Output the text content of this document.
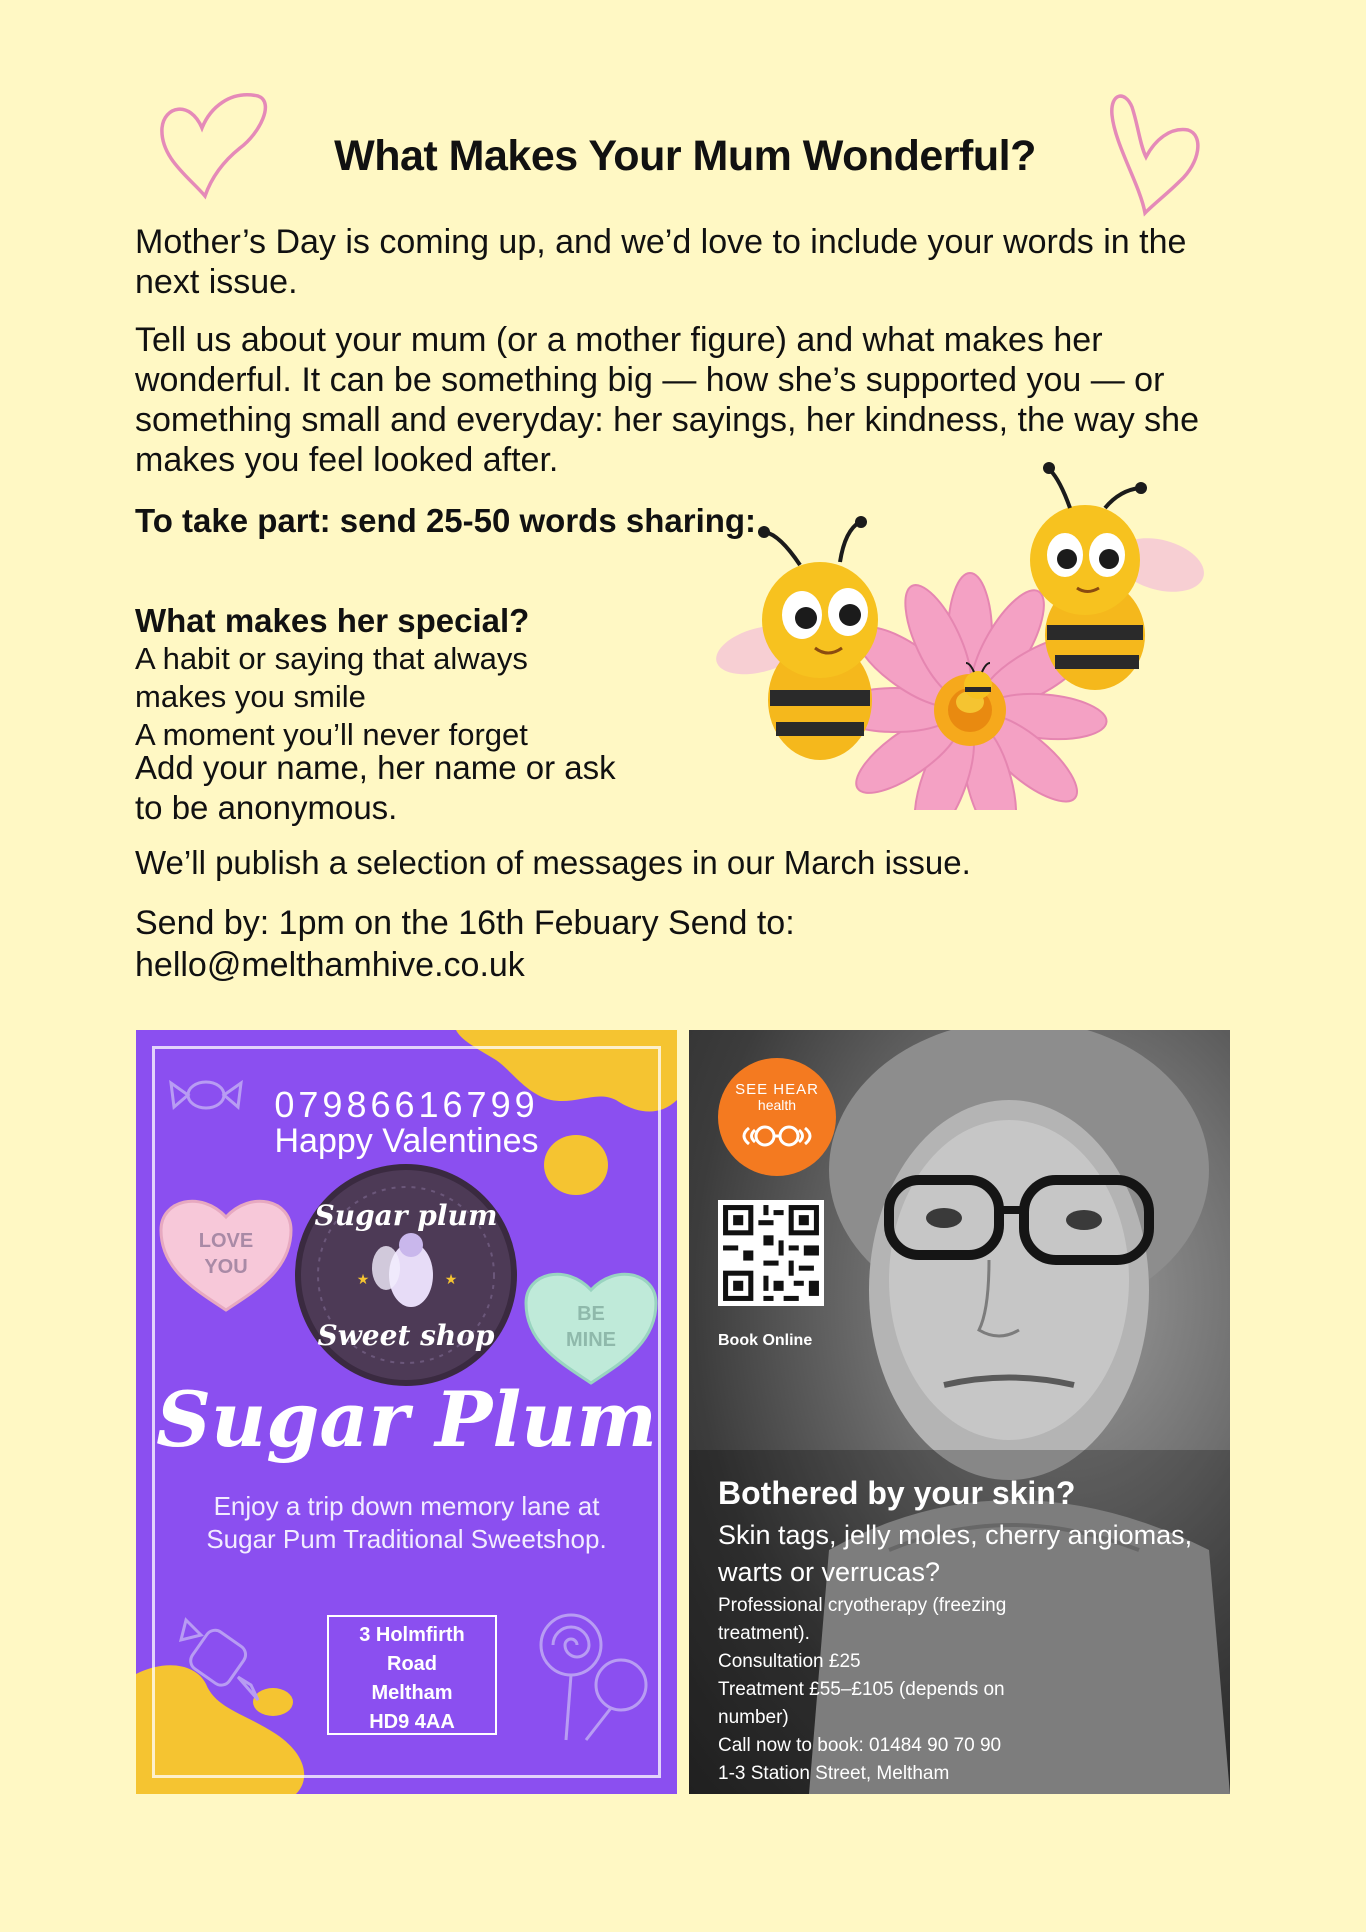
What Makes Your Mum Wonderful?

Mother’s Day is coming up, and we’d love to include your words in the next issue.

Tell us about your mum (or a mother figure) and what makes her wonderful. It can be something big — how she’s supported you — or something small and everyday: her sayings, her kindness, the way she makes you feel looked after.

To take part: send 25-50 words sharing:

What makes her special?
A habit or saying that always
makes you smile
A moment you’ll never forget

Add your name, her name or ask
to be anonymous.

We’ll publish a selection of messages in our March issue.

Send by: 1pm on the 16th Febuary Send to:

hello@melthamhive.co.uk

07986616799
Happy Valentines
LOVE
YOU
BE
MINE
Sugar plum
Sweet shop
★	★
Sugar Plum
Enjoy a trip down memory lane at Sugar Pum Traditional Sweetshop.
3 Holmfirth
Road
Meltham
HD9 4AA
SEE HEAR
health
Book Online
Bothered by your skin?
Skin tags, jelly moles, cherry angiomas, warts or verrucas?
Professional cryotherapy (freezing
treatment).
Consultation £25
Treatment £55–£105 (depends on
number)
Call now to book: 01484 90 70 90
1-3 Station Street, Meltham
